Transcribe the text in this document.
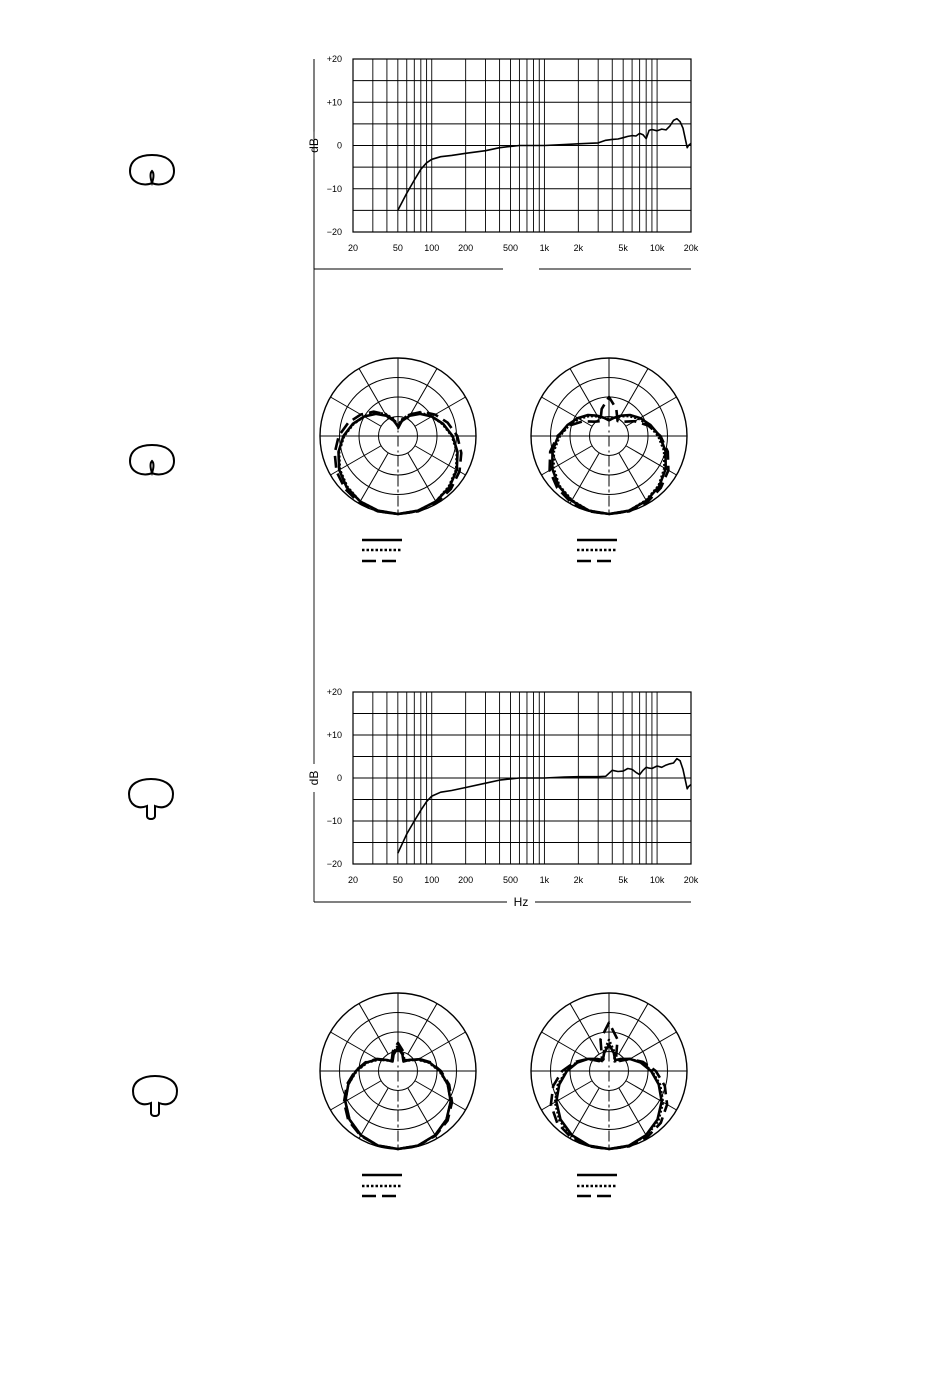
+20
+10
0
−10
−20
20	50 100 200	500 1k	2k	5k 10k 20k
dB
+20
+10
0
−10
−20
20	50 100 200	500 1k	2k	5k 10k 20k
dB
Hz
